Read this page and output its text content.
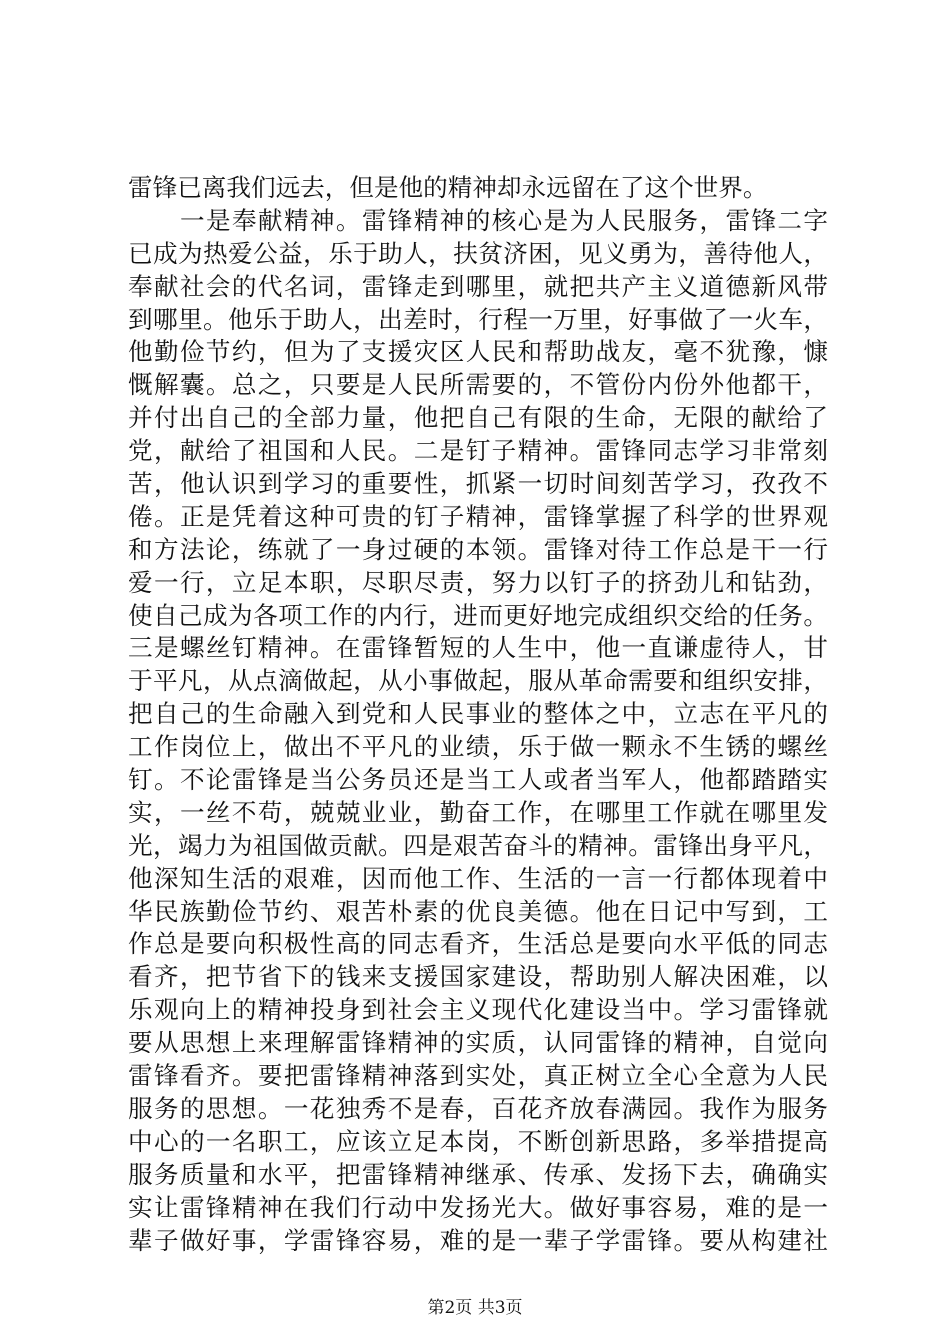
雷锋已离我们远去，但是他的精神却永远留在了这个世界。
一是奉献精神。雷锋精神的核心是为人民服务，雷锋二字
已成为热爱公益，乐于助人，扶贫济困，见义勇为，善待他人，
奉献社会的代名词，雷锋走到哪里，就把共产主义道德新风带
到哪里。他乐于助人，出差时，行程一万里，好事做了一火车，
他勤俭节约，但为了支援灾区人民和帮助战友，毫不犹豫，慷
慨解囊。总之，只要是人民所需要的，不管份内份外他都干，
并付出自己的全部力量，他把自己有限的生命，无限的献给了
党，献给了祖国和人民。二是钉子精神。雷锋同志学习非常刻
苦，他认识到学习的重要性，抓紧一切时间刻苦学习，孜孜不
倦。正是凭着这种可贵的钉子精神，雷锋掌握了科学的世界观
和方法论，练就了一身过硬的本领。雷锋对待工作总是干一行
爱一行，立足本职，尽职尽责，努力以钉子的挤劲儿和钻劲，
使自己成为各项工作的内行，进而更好地完成组织交给的任务。
三是螺丝钉精神。在雷锋暂短的人生中，他一直谦虚待人，甘
于平凡，从点滴做起，从小事做起，服从革命需要和组织安排，
把自己的生命融入到党和人民事业的整体之中，立志在平凡的
工作岗位上，做出不平凡的业绩，乐于做一颗永不生锈的螺丝
钉。不论雷锋是当公务员还是当工人或者当军人，他都踏踏实
实，一丝不苟，兢兢业业，勤奋工作，在哪里工作就在哪里发
光，竭力为祖国做贡献。四是艰苦奋斗的精神。雷锋出身平凡，
他深知生活的艰难，因而他工作、生活的一言一行都体现着中
华民族勤俭节约、艰苦朴素的优良美德。他在日记中写到，工
作总是要向积极性高的同志看齐，生活总是要向水平低的同志
看齐，把节省下的钱来支援国家建设，帮助别人解决困难，以
乐观向上的精神投身到社会主义现代化建设当中。学习雷锋就
要从思想上来理解雷锋精神的实质，认同雷锋的精神，自觉向
雷锋看齐。要把雷锋精神落到实处，真正树立全心全意为人民
服务的思想。一花独秀不是春，百花齐放春满园。我作为服务
中心的一名职工，应该立足本岗，不断创新思路，多举措提高
服务质量和水平，把雷锋精神继承、传承、发扬下去，确确实
实让雷锋精神在我们行动中发扬光大。做好事容易，难的是一
辈子做好事，学雷锋容易，难的是一辈子学雷锋。要从构建社
第2页 共3页
